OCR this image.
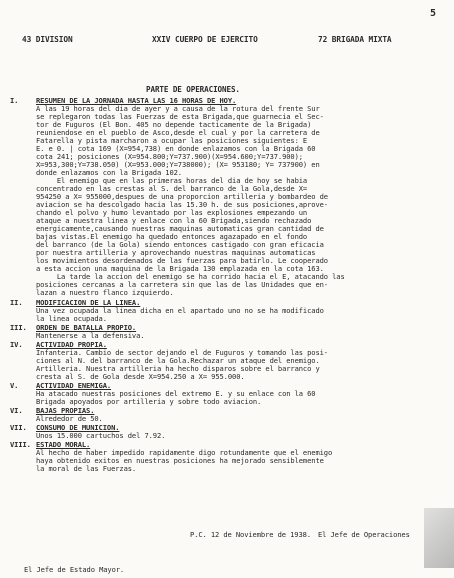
43 DIVISION	XXIV CUERPO DE EJERCITO	72 BRIGADA MIXTA
5
PARTE DE OPERACIONES.
I. RESUMEN DE LA JORNADA HASTA LAS 16 HORAS DE HOY.
A las 19 horas del dia de ayer y a causa de la rotura del frente Sur
se replegaron todas las Fuerzas de esta Brigada,que guarnecia el Sec-
tor de Fuguros (El Bon. 405 no depende tacticamente de la Brigada)
reuniendose en el pueblo de Asco,desde el cual y por la carretera de
Fatarella y pista marcharon a ocupar las posiciones siguientes: E
E. e 0. | cota 169 (X=954,738) en donde enlazamos con la Brigada 60
cota 241; posiciones (X=954.800;Y=737.900)(X=954.600;Y=737.900);
X=953,300;Y=738.050) (X=953.000;Y=738000); (X= 953180; Y= 737900) en
donde enlazamos con la Brigada 102.
El enemigo que en las primeras horas del dia de hoy se habia
concentrado en las crestas al S. del barranco de la Gola,desde X=
954250 a X= 955000,despues de una proporcion artilleria y bombardeo de
aviacion se ha descolgado hacia las 15.30 h. de sus posiciones,aprove-
chando el polvo y humo levantado por las explosiones empezando un
ataque a nuestra linea y enlace con la 60 Brigada,siendo rechazado
energicamente,causando nuestras maquinas automaticas gran cantidad de
bajas vistas.El enemigo ha quedado entonces agazapado en el fondo
del barranco (de la Gola) siendo entonces castigado con gran eficacia
por nuestra artilleria y aprovechando nuestras maquinas automaticas
los movimientos desordenados de las fuerzas para batirlo. Le cooperado
a esta accion una maquina de la Brigada 130 emplazada en la cota 163.
La tarde la accion del enemigo se ha corrido hacia el E, atacando las
posiciones cercanas a la carretera sin que las de las Unidades que en-
lazan a nuestro flanco izquierdo.
II. MODIFICACION DE LA LINEA.
Una vez ocupada la linea dicha en el apartado uno no se ha modificado
la linea ocupada.
III. ORDEN DE BATALLA PROPIO.
Mantenerse a la defensiva.
IV. ACTIVIDAD PROPIA.
Infanteria. Cambio de sector dejando el de Fuguros y tomando las posi-
ciones al N. del barranco de la Gola.Rechazar un ataque del enemigo.
Artilleria. Nuestra artilleria ha hecho disparos sobre el barranco y
cresta al S. de Gola desde X=954.250 a X= 955.000.
V. ACTIVIDAD ENEMIGA.
Ha atacado nuestras posiciones del extremo E. y su enlace con la 60
Brigada apoyados por artilleria y sobre todo aviacion.
VI. BAJAS PROPIAS.
Alrededor de 50.
VII. CONSUMO DE MUNICION.
Unos 15.000 cartuchos del 7.92.
VIII. ESTADO MORAL.
Al hecho de haber impedido rapidamente digo rotundamente que el enemigo
haya obtenido exitos en nuestras posiciones ha mejorado sensiblemente
la moral de las Fuerzas.
P.C. 12 de Noviembre de 1938. El Jefe de Operaciones
El Jefe de Estado Mayor.
